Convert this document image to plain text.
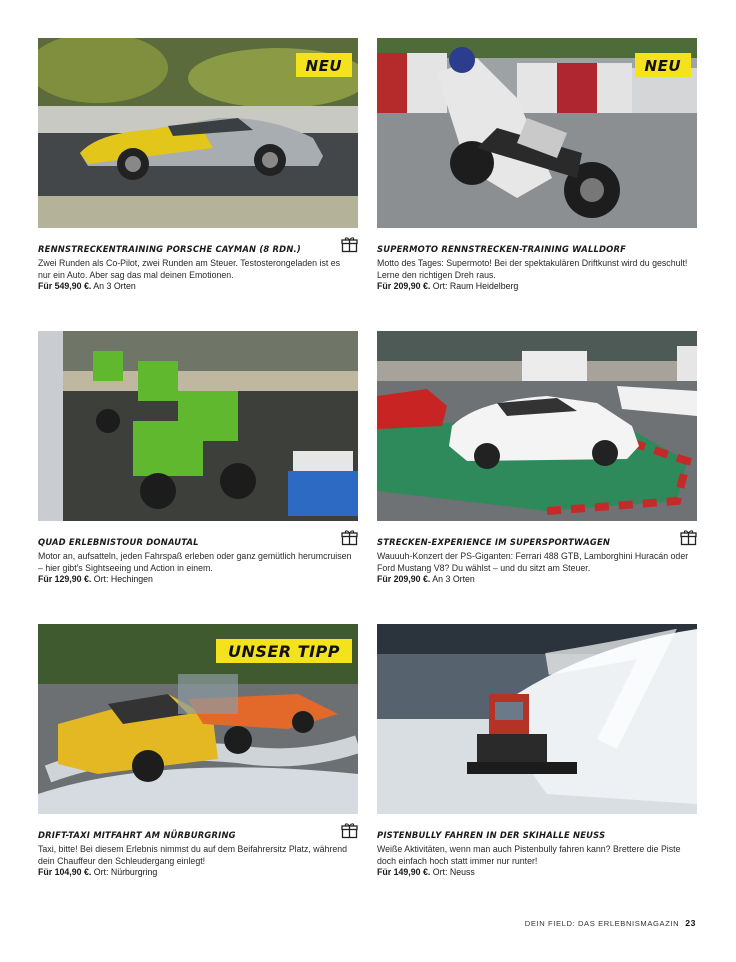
NEU
RENNSTRECKENTRAINING PORSCHE CAYMAN (8 RDN.)
Zwei Runden als Co-Pilot, zwei Runden am Steuer. Testosterongeladen ist es nur ein Auto. Aber sag das mal deinen Emotionen.
Für 549,90 €. An 3 Orten
NEU
SUPERMOTO RENNSTRECKEN-TRAINING WALLDORF
Motto des Tages: Supermoto! Bei der spektakulären Driftkunst wird du geschult! Lerne den richtigen Dreh raus.
Für 209,90 €. Ort: Raum Heidelberg
QUAD ERLEBNISTOUR DONAUTAL
Motor an, aufsatteln, jeden Fahrspaß erleben oder ganz gemütlich herumcruisen – hier gibt's Sightseeing und Action in einem.
Für 129,90 €. Ort: Hechingen
STRECKEN-EXPERIENCE IM SUPERSPORTWAGEN
Wauuuh-Konzert der PS-Giganten: Ferrari 488 GTB, Lamborghini Huracán oder Ford Mustang V8? Du wählst – und du sitzt am Steuer.
Für 209,90 €. An 3 Orten
UNSER TIPP
DRIFT-TAXI MITFAHRT AM NÜRBURGRING
Taxi, bitte! Bei diesem Erlebnis nimmst du auf dem Beifahrersitz Platz, während dein Chauffeur den Schleudergang einlegt!
Für 104,90 €. Ort: Nürburgring
PISTENBULLY FAHREN IN DER SKIHALLE NEUSS
Weiße Aktivitäten, wenn man auch Pistenbully fahren kann? Brettere die Piste doch einfach hoch statt immer nur runter!
Für 149,90 €. Ort: Neuss
DEIN FIELD: DAS ERLEBNISMAGAZIN 23
